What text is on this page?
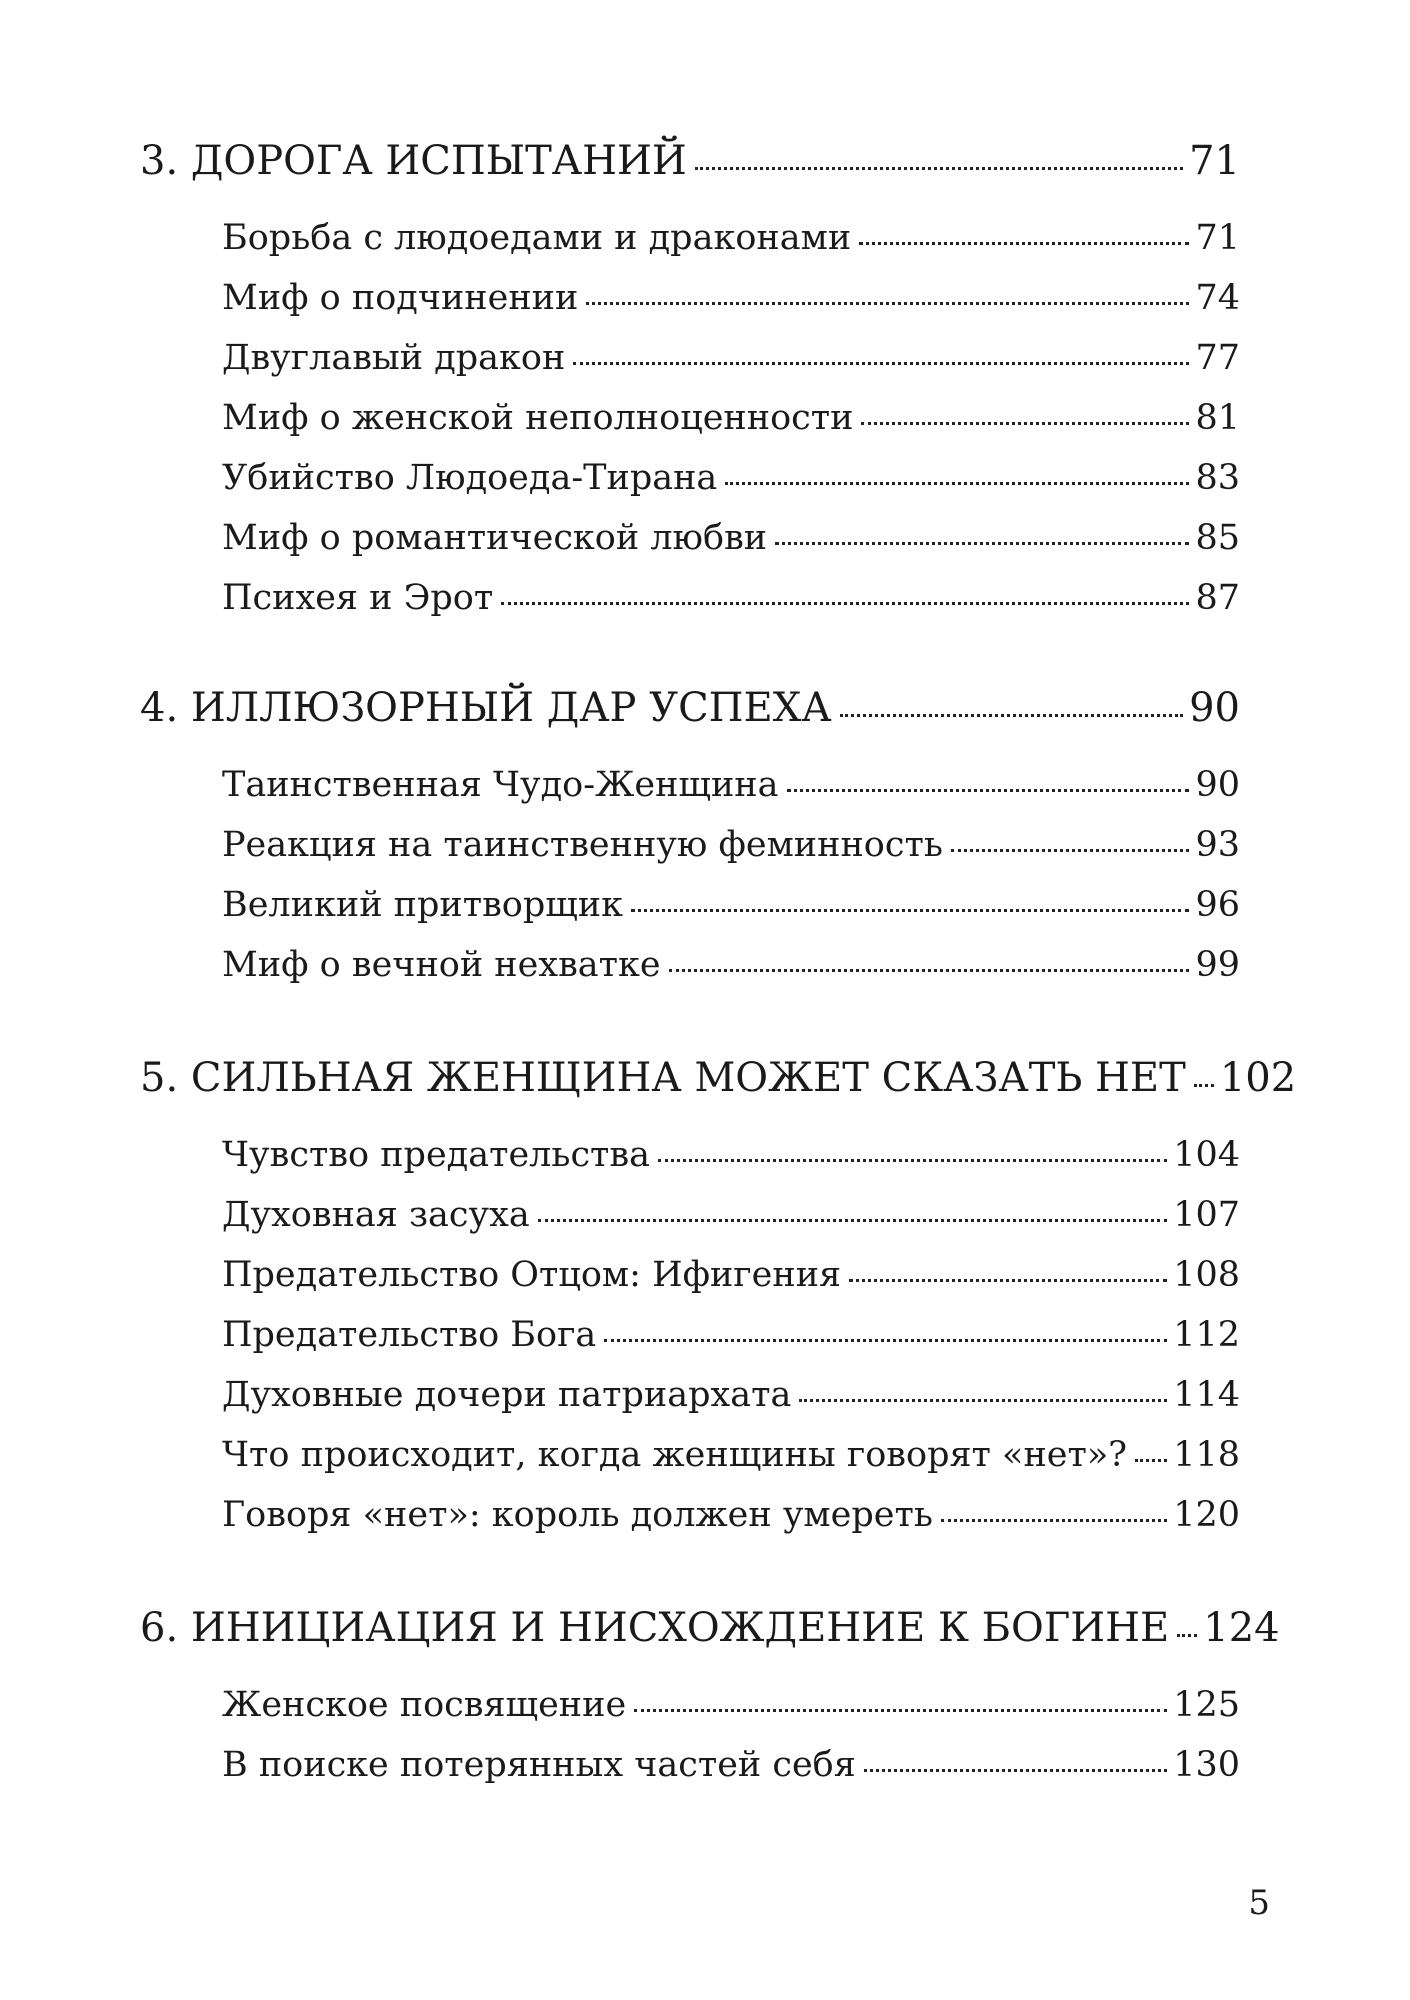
3. ДОРОГА ИСПЫТАНИЙ	71
Борьба с людоедами и драконами	71
Миф о подчинении	74
Двуглавый дракон	77
Миф о женской неполноценности	81
Убийство Людоеда-Тирана	83
Миф о романтической любви	85
Психея и Эрот	87
4. ИЛЛЮЗОРНЫЙ ДАР УСПЕХА	90
Таинственная Чудо-Женщина	90
Реакция на таинственную феминность	93
Великий притворщик	96
Миф о вечной нехватке	99
5. СИЛЬНАЯ ЖЕНЩИНА МОЖЕТ СКАЗАТЬ НЕТ 102
Чувство предательства	104
Духовная засуха	107
Предательство Отцом: Ифигения	108
Предательство Бога	112
Духовные дочери патриархата	114
Что происходит, когда женщины говорят «нет»? 118
Говоря «нет»: король должен умереть	120
6. ИНИЦИАЦИЯ И НИСХОЖДЕНИЕ К БОГИНЕ 124
Женское посвящение	125
В поиске потерянных частей себя	130
5
